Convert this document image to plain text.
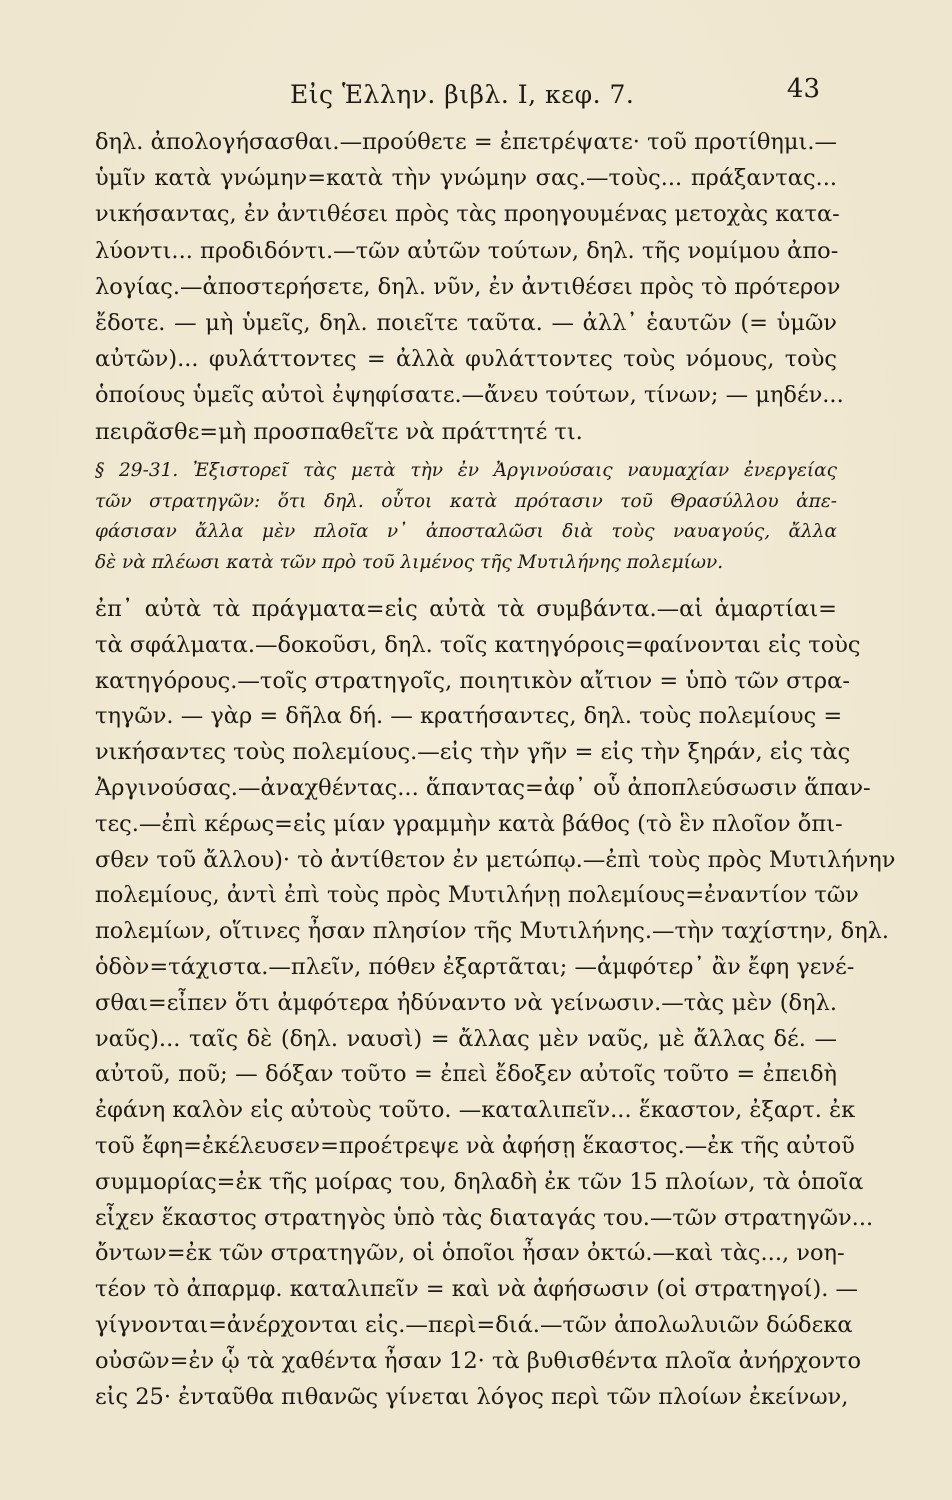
Εἰς Ἑλλην. βιβλ. Ι, κεφ. 7.	43
δηλ. ἀπολογήσασθαι.—προύθετε = ἐπετρέψατε· τοῦ προτίθημι.—
ὑμῖν κατὰ γνώμην=κατὰ τὴν γνώμην σας.—τοὺς... πράξαντας...
νικήσαντας, ἐν ἀντιθέσει πρὸς τὰς προηγουμένας μετοχὰς κατα-
λύοντι... προδιδόντι.—τῶν αὐτῶν τούτων, δηλ. τῆς νομίμου ἀπο-
λογίας.—ἀποστερήσετε, δηλ. νῦν, ἐν ἀντιθέσει πρὸς τὸ πρότερον
ἔδοτε. — μὴ ὑμεῖς, δηλ. ποιεῖτε ταῦτα. — ἀλλ᾽ ἑαυτῶν (= ὑμῶν
αὐτῶν)... φυλάττοντες = ἀλλὰ φυλάττοντες τοὺς νόμους, τοὺς
ὁποίους ὑμεῖς αὐτοὶ ἐψηφίσατε.—ἄνευ τούτων, τίνων; — μηδέν...
πειρᾶσθε=μὴ προσπαθεῖτε νὰ πράττητέ τι.
§ 29-31. Ἐξιστορεῖ τὰς μετὰ τὴν ἐν Ἀργινούσαις ναυμαχίαν ἐνεργείας
τῶν στρατηγῶν: ὅτι δηλ. οὗτοι κατὰ πρότασιν τοῦ Θρασύλλου ἀπε-
φάσισαν ἄλλα μὲν πλοῖα ν᾽ ἀποσταλῶσι διὰ τοὺς ναυαγούς, ἄλλα
δὲ νὰ πλέωσι κατὰ τῶν πρὸ τοῦ λιμένος τῆς Μυτιλήνης πολεμίων.
ἐπ᾽ αὐτὰ τὰ πράγματα=εἰς αὐτὰ τὰ συμβάντα.—αἱ ἁμαρτίαι=
τὰ σφάλματα.—δοκοῦσι, δηλ. τοῖς κατηγόροις=φαίνονται εἰς τοὺς
κατηγόρους.—τοῖς στρατηγοῖς, ποιητικὸν αἴτιον = ὑπὸ τῶν στρα-
τηγῶν. — γὰρ = δῆλα δή. — κρατήσαντες, δηλ. τοὺς πολεμίους =
νικήσαντες τοὺς πολεμίους.—εἰς τὴν γῆν = εἰς τὴν ξηράν, εἰς τὰς
Ἀργινούσας.—ἀναχθέντας... ἅπαντας=ἀφ᾽ οὗ ἀποπλεύσωσιν ἅπαν-
τες.—ἐπὶ κέρως=εἰς μίαν γραμμὴν κατὰ βάθος (τὸ ἓν πλοῖον ὄπι-
σθεν τοῦ ἄλλου)· τὸ ἀντίθετον ἐν μετώπῳ.—ἐπὶ τοὺς πρὸς Μυτιλήνην
πολεμίους, ἀντὶ ἐπὶ τοὺς πρὸς Μυτιλήνῃ πολεμίους=ἐναντίον τῶν
πολεμίων, οἵτινες ἦσαν πλησίον τῆς Μυτιλήνης.—τὴν ταχίστην, δηλ.
ὁδὸν=τάχιστα.—πλεῖν, πόθεν ἐξαρτᾶται; —ἀμφότερ᾽ ἂν ἔφη γενέ-
σθαι=εἶπεν ὅτι ἀμφότερα ἠδύναντο νὰ γείνωσιν.—τὰς μὲν (δηλ.
ναῦς)... ταῖς δὲ (δηλ. ναυσὶ) = ἄλλας μὲν ναῦς, μὲ ἄλλας δέ. —
αὐτοῦ, ποῦ; — δόξαν τοῦτο = ἐπεὶ ἔδοξεν αὐτοῖς τοῦτο = ἐπειδὴ
ἐφάνη καλὸν εἰς αὐτοὺς τοῦτο. —καταλιπεῖν... ἕκαστον, ἐξαρτ. ἐκ
τοῦ ἔφη=ἐκέλευσεν=προέτρεψε νὰ ἀφήσῃ ἕκαστος.—ἐκ τῆς αὐτοῦ
συμμορίας=ἐκ τῆς μοίρας του, δηλαδὴ ἐκ τῶν 15 πλοίων, τὰ ὁποῖα
εἶχεν ἕκαστος στρατηγὸς ὑπὸ τὰς διαταγάς του.—τῶν στρατηγῶν...
ὄντων=ἐκ τῶν στρατηγῶν, οἱ ὁποῖοι ἦσαν ὀκτώ.—καὶ τὰς..., νοη-
τέον τὸ ἀπαρμφ. καταλιπεῖν = καὶ νὰ ἀφήσωσιν (οἱ στρατηγοί). —
γίγνονται=ἀνέρχονται εἰς.—περὶ=διά.—τῶν ἀπολωλυιῶν δώδεκα
οὐσῶν=ἐν ᾧ τὰ χαθέντα ἦσαν 12· τὰ βυθισθέντα πλοῖα ἀνήρχοντο
εἰς 25· ἐνταῦθα πιθανῶς γίνεται λόγος περὶ τῶν πλοίων ἐκείνων,
